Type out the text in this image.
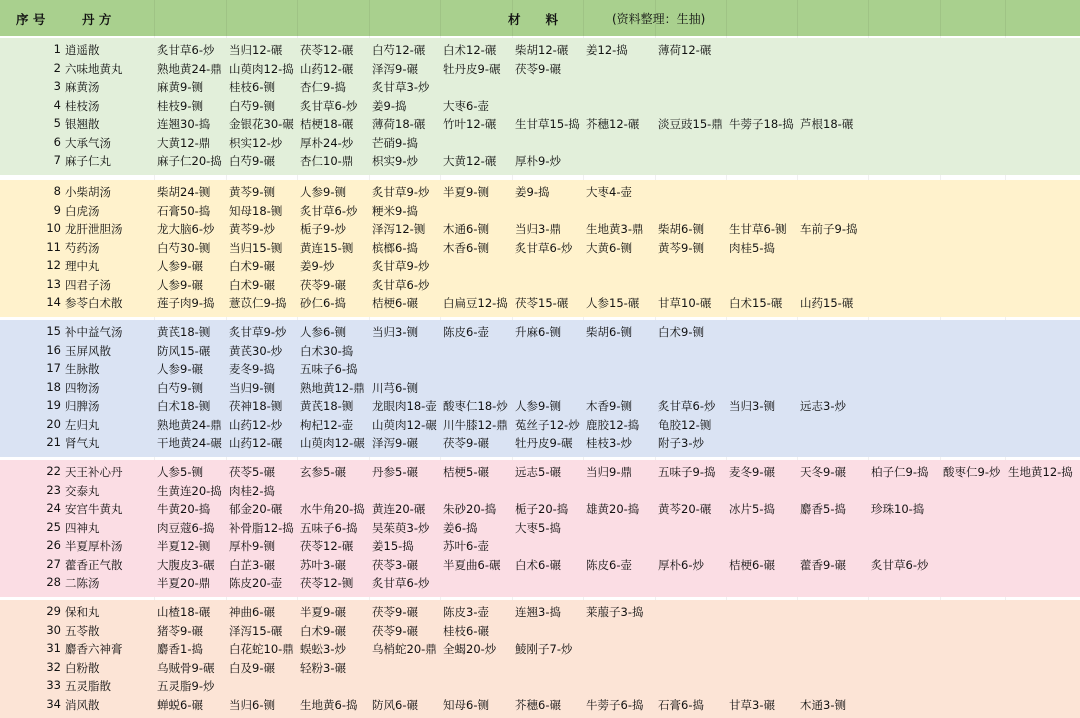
序 号	丹 方	材　　料	(资料整理：生抽)
1 逍遥散	炙甘草6-炒 当归12-碾 茯苓12-碾 白芍12-碾 白术12-碾 柴胡12-碾 姜12-捣	薄荷12-碾
2 六味地黄丸	熟地黄24-鼎 山萸肉12-捣 山药12-碾 泽泻9-碾 牡丹皮9-碾 茯苓9-碾
3 麻黄汤	麻黄9-铡 桂枝6-铡 杏仁9-捣 炙甘草3-炒
4 桂枝汤	桂枝9-铡 白芍9-铡 炙甘草6-炒 姜9-捣	大枣6-壶
5 银翘散	连翘30-捣 金银花30-碾 桔梗18-碾 薄荷18-碾 竹叶12-碾 生甘草15-捣 芥穗12-碾 淡豆豉15-鼎 牛蒡子18-捣 芦根18-碾
6 大承气汤	大黄12-鼎 枳实12-炒 厚朴24-炒 芒硝9-捣
7 麻子仁丸	麻子仁20-捣 白芍9-碾 杏仁10-鼎 枳实9-炒 大黄12-碾 厚朴9-炒
8 小柴胡汤	柴胡24-铡 黄芩9-铡 人参9-铡 炙甘草9-炒 半夏9-铡 姜9-捣	大枣4-壶
9 白虎汤	石膏50-捣 知母18-铡 炙甘草6-炒 粳米9-捣
10 龙肝泄胆汤	龙大脑6-炒 黄芩9-炒 栀子9-炒 泽泻12-铡 木通6-铡 当归3-鼎 生地黄3-鼎 柴胡6-铡 生甘草6-铡 车前子9-捣
11 芍药汤	白芍30-铡 当归15-铡 黄连15-铡 槟榔6-捣 木香6-铡 炙甘草6-炒 大黄6-铡 黄芩9-铡 肉桂5-捣
12 理中丸	人参9-碾 白术9-碾 姜9-炒	炙甘草9-炒
13 四君子汤	人参9-碾 白术9-碾 茯苓9-碾 炙甘草6-炒
14 参苓白术散	莲子肉9-捣 薏苡仁9-捣 砂仁6-捣 桔梗6-碾 白扁豆12-捣 茯苓15-碾 人参15-碾 甘草10-碾 白术15-碾 山药15-碾
15 补中益气汤	黄芪18-铡 炙甘草9-炒 人参6-铡 当归3-铡 陈皮6-壶 升麻6-铡 柴胡6-铡 白术9-铡
16 玉屏风散	防风15-碾 黄芪30-炒 白术30-捣
17 生脉散	人参9-碾 麦冬9-捣 五味子6-捣
18 四物汤	白芍9-铡 当归9-铡 熟地黄12-鼎 川芎6-铡
19 归脾汤	白术18-铡 茯神18-铡 黄芪18-铡 龙眼肉18-壶 酸枣仁18-炒 人参9-铡 木香9-铡 炙甘草6-炒 当归3-铡 远志3-炒
20 左归丸	熟地黄24-鼎 山药12-炒 枸杞12-壶 山萸肉12-碾 川牛膝12-鼎 菟丝子12-炒 鹿胶12-捣 龟胶12-铡
21 肾气丸	干地黄24-碾 山药12-碾 山萸肉12-碾 泽泻9-碾 茯苓9-碾 牡丹皮9-碾 桂枝3-炒 附子3-炒
22 天王补心丹	人参5-铡 茯苓5-碾 玄参5-碾 丹参5-碾 桔梗5-碾 远志5-碾 当归9-鼎 五味子9-捣 麦冬9-碾 天冬9-碾 柏子仁9-捣 酸枣仁9-炒 生地黄12-捣
23 交泰丸	生黄连20-捣 肉桂2-捣
24 安宫牛黄丸	牛黄20-捣 郁金20-碾 水牛角20-捣 黄连20-碾 朱砂20-捣 栀子20-捣 雄黄20-捣 黄芩20-碾 冰片5-捣 麝香5-捣 珍珠10-捣
25 四神丸	肉豆蔻6-捣 补骨脂12-捣 五味子6-捣 吴茱萸3-炒 姜6-捣	大枣5-捣
26 半夏厚朴汤	半夏12-铡 厚朴9-铡 茯苓12-碾 姜15-捣	苏叶6-壶
27 藿香正气散	大腹皮3-碾 白芷3-碾 苏叶3-碾 茯苓3-碾 半夏曲6-碾 白术6-碾 陈皮6-壶 厚朴6-炒 桔梗6-碾 藿香9-碾 炙甘草6-炒
28 二陈汤	半夏20-鼎 陈皮20-壶 茯苓12-铡 炙甘草6-炒
29 保和丸	山楂18-碾 神曲6-碾 半夏9-碾 茯苓9-碾 陈皮3-壶 连翘3-捣 莱菔子3-捣
30 五苓散	猪苓9-碾 泽泻15-碾 白术9-碾 茯苓9-碾 桂枝6-碾
31 麝香六神膏	麝香1-捣 白花蛇10-鼎 蜈蚣3-炒 乌梢蛇20-鼎 全蝎20-炒 鯪刚子7-炒
32 白粉散	乌贼骨9-碾 白及9-碾 轻粉3-碾
33 五灵脂散	五灵脂9-炒
34 消风散	蝉蜕6-碾 当归6-铡 生地黄6-捣 防风6-碾 知母6-铡 芥穗6-碾 牛蒡子6-捣 石膏6-捣 甘草3-碾 木通3-铡
